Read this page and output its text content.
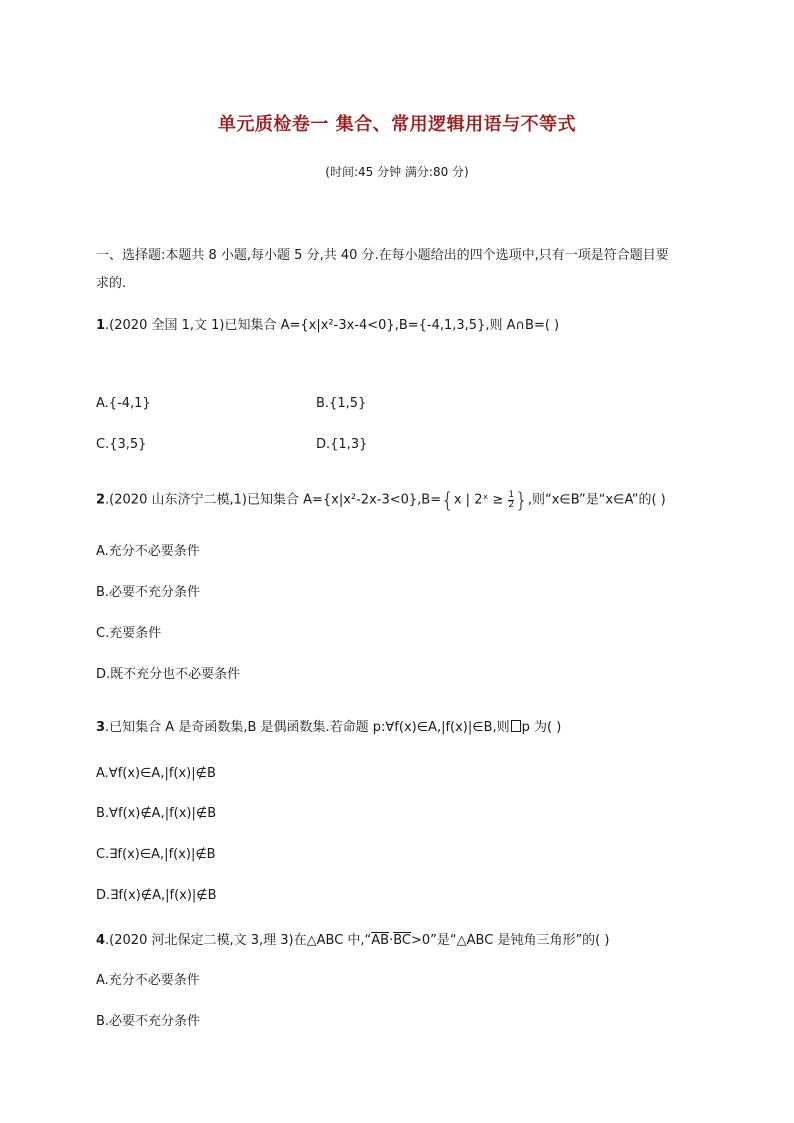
单元质检卷一 集合、常用逻辑用语与不等式
(时间:45 分钟 满分:80 分)
一、选择题:本题共 8 小题,每小题 5 分,共 40 分.在每小题给出的四个选项中,只有一项是符合题目要
求的.
1.(2020 全国 1,文 1)已知集合 A={x|x²-3x-4<0},B={-4,1,3,5},则 A∩B=( )
A.{-4,1}	B.{1,5}
C.{3,5}	D.{1,3}
2.(2020 山东济宁二模,1)已知集合 A={x|x²-2x-3<0},B={x | 2ˣ ≥ $\frac{1}{2}$ },则“x∈B”是“x∈A”的( )
A.充分不必要条件
B.必要不充分条件
C.充要条件
D.既不充分也不必要条件
3.已知集合 A 是奇函数集,B 是偶函数集.若命题 p:∀f(x)∈A,|f(x)|∈B,则 p 为( )
A.∀f(x)∈A,|f(x)|∉B
B.∀f(x)∉A,|f(x)|∉B
C.∃f(x)∈A,|f(x)|∉B
D.∃f(x)∉A,|f(x)|∉B
4.(2020 河北保定二模,文 3,理 3)在△ABC 中$,“\overline{AB}\cdot\overline{BC}>0$”是“△ABC 是钝角三角形”的( )
A.充分不必要条件
B.必要不充分条件
